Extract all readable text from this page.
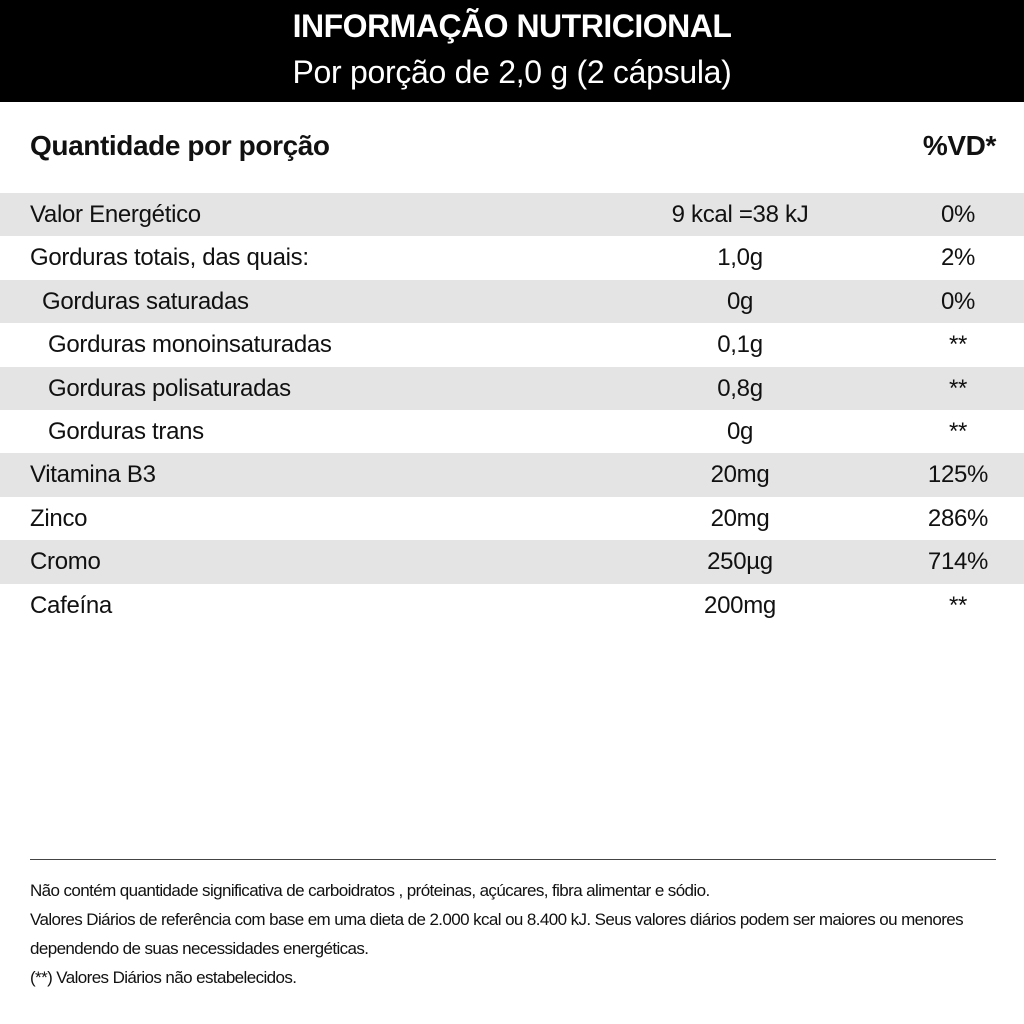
INFORMAÇÃO NUTRICIONAL
Por porção de 2,0 g (2 cápsula)
Quantidade por porção	%VD*
Valor Energético	9 kcal =38 kJ	0%
Gorduras totais, das quais:	1,0g	2%
Gorduras saturadas	0g	0%
Gorduras monoinsaturadas	0,1g	**
Gorduras polisaturadas	0,8g	**
Gorduras trans	0g	**
Vitamina B3	20mg	125%
Zinco	20mg	286%
Cromo	250µg	714%
Cafeína	200mg	**
Não contém quantidade significativa de carboidratos , próteinas, açúcares, fibra alimentar e sódio.
Valores Diários de referência com base em uma dieta de 2.000 kcal ou 8.400 kJ. Seus valores diários podem ser maiores ou menores
dependendo de suas necessidades energéticas.
(**) Valores Diários não estabelecidos.
